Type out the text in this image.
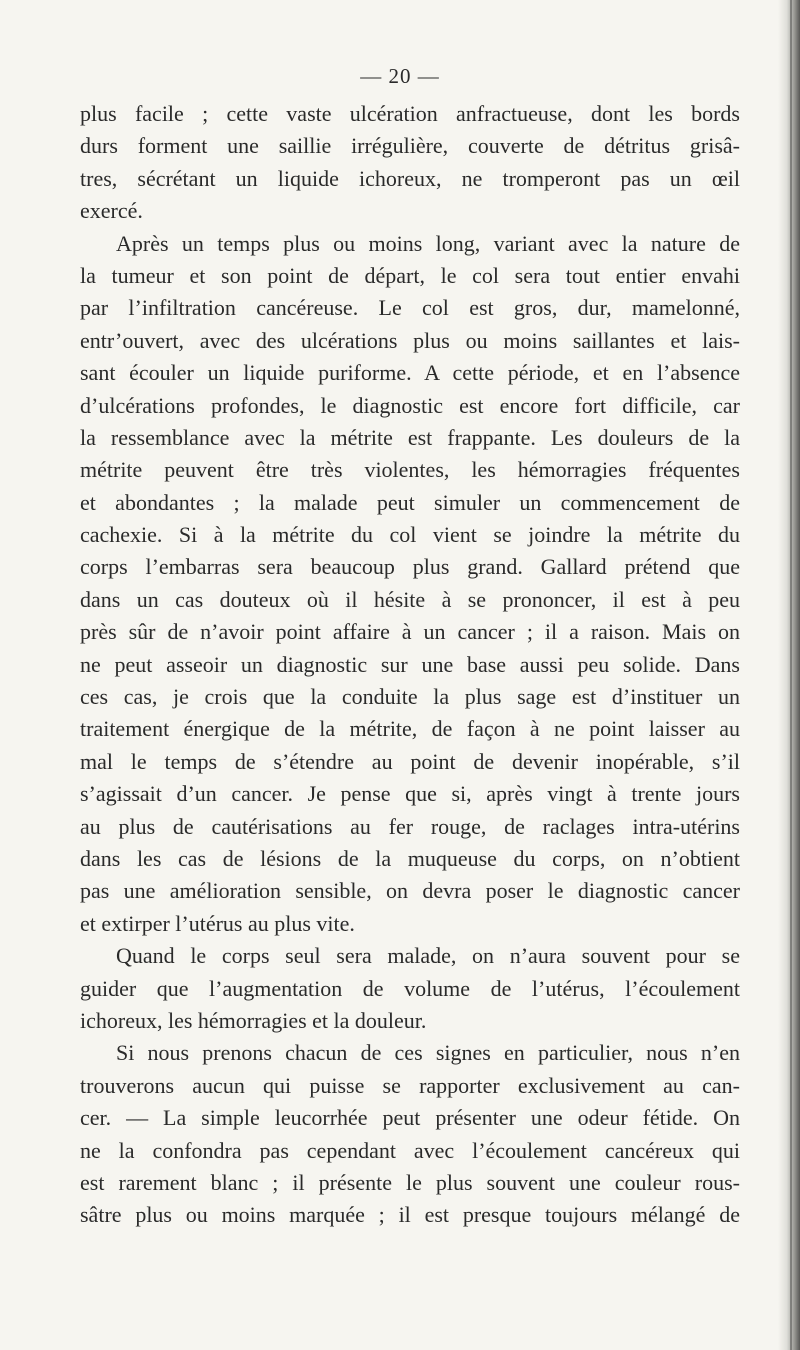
— 20 —
plus facile ; cette vaste ulcération anfractueuse, dont les bords
durs forment une saillie irrégulière, couverte de détritus grisâ-
tres, sécrétant un liquide ichoreux, ne tromperont pas un œil
exercé.
Après un temps plus ou moins long, variant avec la nature de
la tumeur et son point de départ, le col sera tout entier envahi
par l’infiltration cancéreuse. Le col est gros, dur, mamelonné,
entr’ouvert, avec des ulcérations plus ou moins saillantes et lais-
sant écouler un liquide puriforme. A cette période, et en l’absence
d’ulcérations profondes, le diagnostic est encore fort difficile, car
la ressemblance avec la métrite est frappante. Les douleurs de la
métrite peuvent être très violentes, les hémorragies fréquentes
et abondantes ; la malade peut simuler un commencement de
cachexie. Si à la métrite du col vient se joindre la métrite du
corps l’embarras sera beaucoup plus grand. Gallard prétend que
dans un cas douteux où il hésite à se prononcer, il est à peu
près sûr de n’avoir point affaire à un cancer ; il a raison. Mais on
ne peut asseoir un diagnostic sur une base aussi peu solide. Dans
ces cas, je crois que la conduite la plus sage est d’instituer un
traitement énergique de la métrite, de façon à ne point laisser au
mal le temps de s’étendre au point de devenir inopérable, s’il
s’agissait d’un cancer. Je pense que si, après vingt à trente jours
au plus de cautérisations au fer rouge, de raclages intra-utérins
dans les cas de lésions de la muqueuse du corps, on n’obtient
pas une amélioration sensible, on devra poser le diagnostic cancer
et extirper l’utérus au plus vite.
Quand le corps seul sera malade, on n’aura souvent pour se
guider que l’augmentation de volume de l’utérus, l’écoulement
ichoreux, les hémorragies et la douleur.
Si nous prenons chacun de ces signes en particulier, nous n’en
trouverons aucun qui puisse se rapporter exclusivement au can-
cer. — La simple leucorrhée peut présenter une odeur fétide. On
ne la confondra pas cependant avec l’écoulement cancéreux qui
est rarement blanc ; il présente le plus souvent une couleur rous-
sâtre plus ou moins marquée ; il est presque toujours mélangé de
